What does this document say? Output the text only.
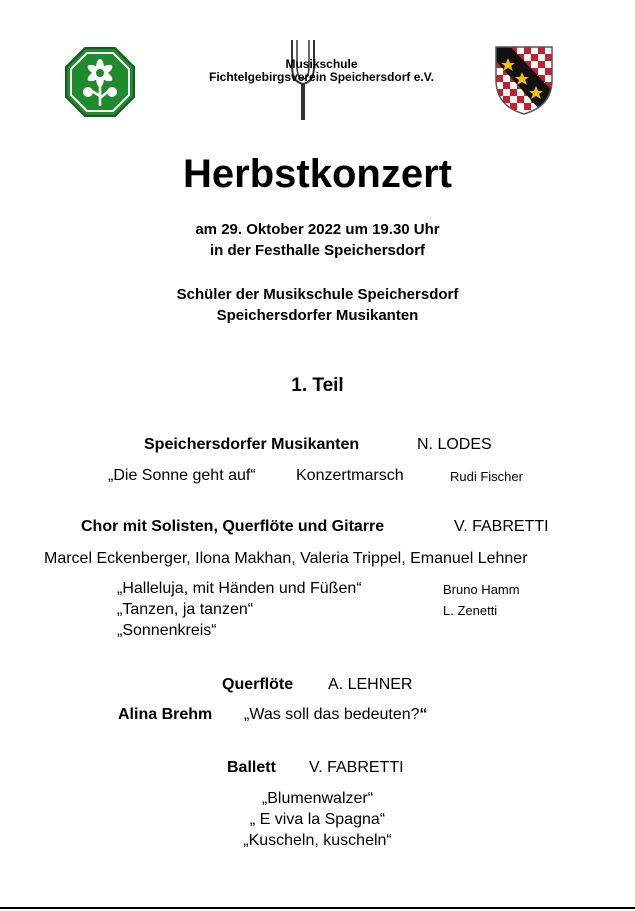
Musikschule
Fichtelgebirgsverein Speichersdorf e.V.
Herbstkonzert
am 29. Oktober 2022 um 19.30 Uhr
in der Festhalle Speichersdorf
Schüler der Musikschule Speichersdorf
Speichersdorfer Musikanten
1. Teil
Speichersdorfer Musikanten	N. LODES
„Die Sonne geht auf“	Konzertmarsch	Rudi Fischer
Chor mit Solisten, Querflöte und Gitarre	V. FABRETTI
Marcel Eckenberger, Ilona Makhan, Valeria Trippel, Emanuel Lehner
„Halleluja, mit Händen und Füßen“	Bruno Hamm
„Tanzen, ja tanzen“	L. Zenetti
„Sonnenkreis“
Querflöte A. LEHNER
Alina Brehm „Was soll das bedeuten?“
Ballett V. FABRETTI
„Blumenwalzer“
„ E viva la Spagna“
„Kuscheln, kuscheln“
